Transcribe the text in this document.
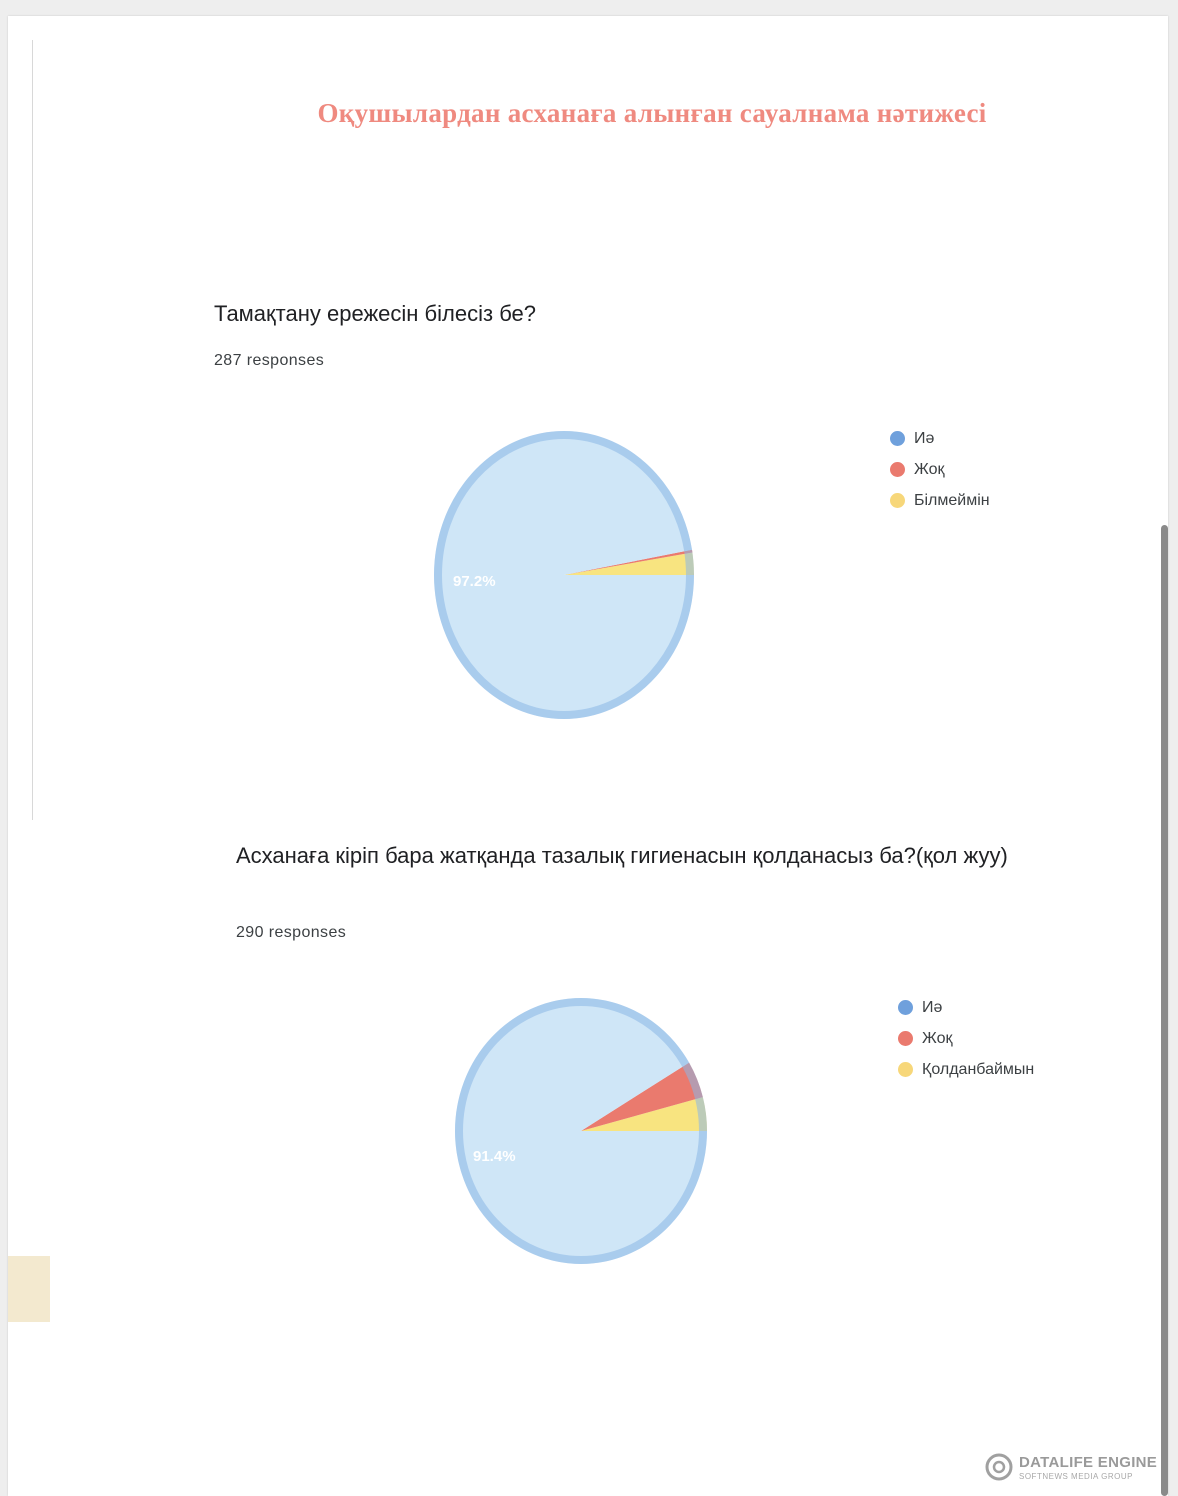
Оқушылардан асханаға алынған сауалнама нәтижесі
Тамақтану ережесін білесіз бе?
287 responses
97.2%
Иә
Жоқ
Білмеймін
Асханаға кіріп бара жатқанда тазалық гигиенасын қолданасыз ба?(қол жуу)
290 responses
91.4%
Иә
Жоқ
Қолданбаймын
DATALIFE ENGINE
SOFTNEWS MEDIA GROUP
